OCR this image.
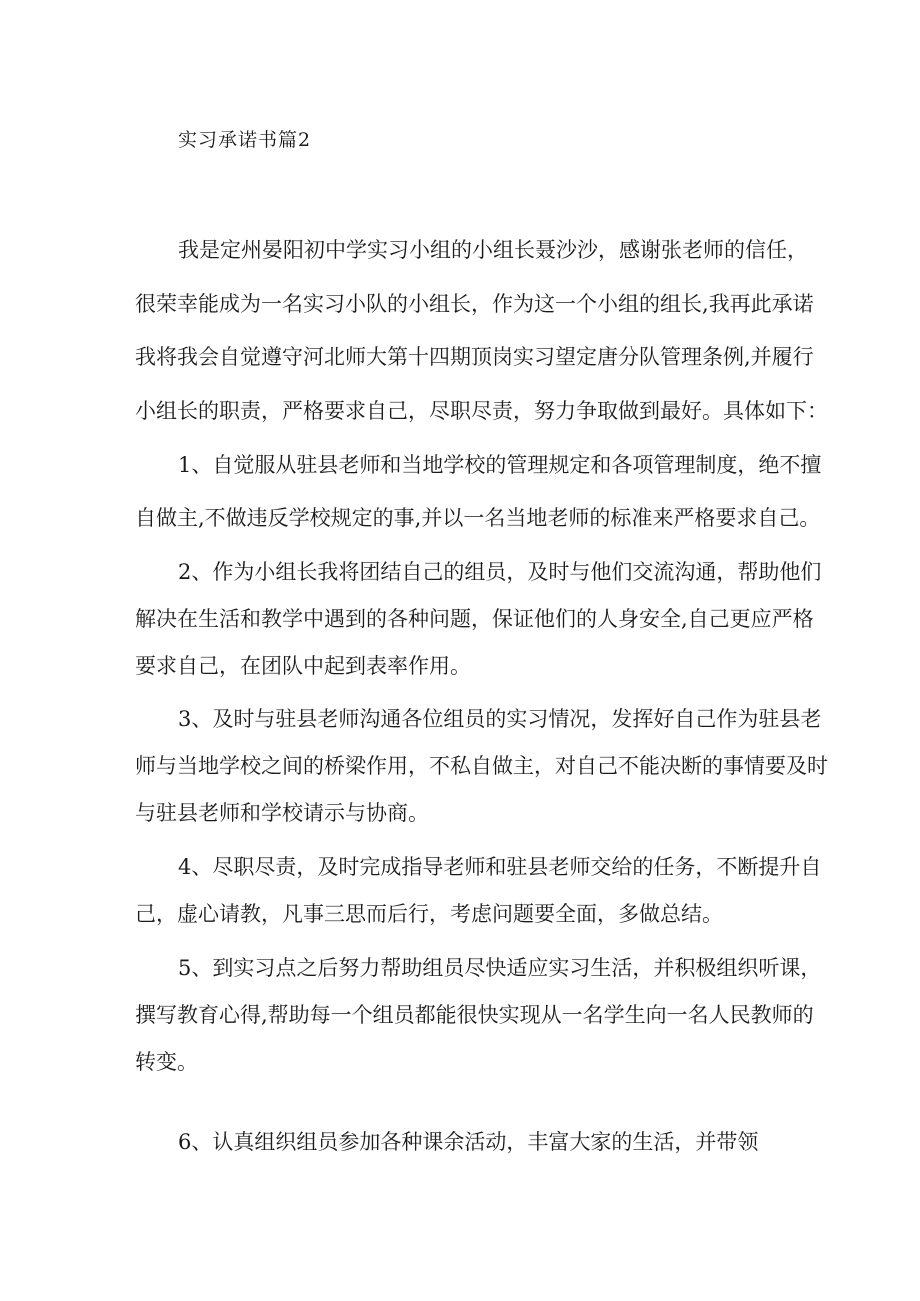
实习承诺书篇2
我是定州晏阳初中学实习小组的小组长聂沙沙，感谢张老师的信任，
很荣幸能成为一名实习小队的小组长，作为这一个小组的组长,我再此承诺
我将我会自觉遵守河北师大第十四期顶岗实习望定唐分队管理条例,并履行
小组长的职责，严格要求自己，尽职尽责，努力争取做到最好。具体如下：
1、自觉服从驻县老师和当地学校的管理规定和各项管理制度，绝不擅
自做主,不做违反学校规定的事,并以一名当地老师的标准来严格要求自己。
2、作为小组长我将团结自己的组员，及时与他们交流沟通，帮助他们
解决在生活和教学中遇到的各种问题，保证他们的人身安全,自己更应严格
要求自己，在团队中起到表率作用。
3、及时与驻县老师沟通各位组员的实习情况，发挥好自己作为驻县老
师与当地学校之间的桥梁作用，不私自做主，对自己不能决断的事情要及时
与驻县老师和学校请示与协商。
4、尽职尽责，及时完成指导老师和驻县老师交给的任务，不断提升自
己，虚心请教，凡事三思而后行，考虑问题要全面，多做总结。
5、到实习点之后努力帮助组员尽快适应实习生活，并积极组织听课，
撰写教育心得,帮助每一个组员都能很快实现从一名学生向一名人民教师的
转变。
6、认真组织组员参加各种课余活动，丰富大家的生活，并带领
